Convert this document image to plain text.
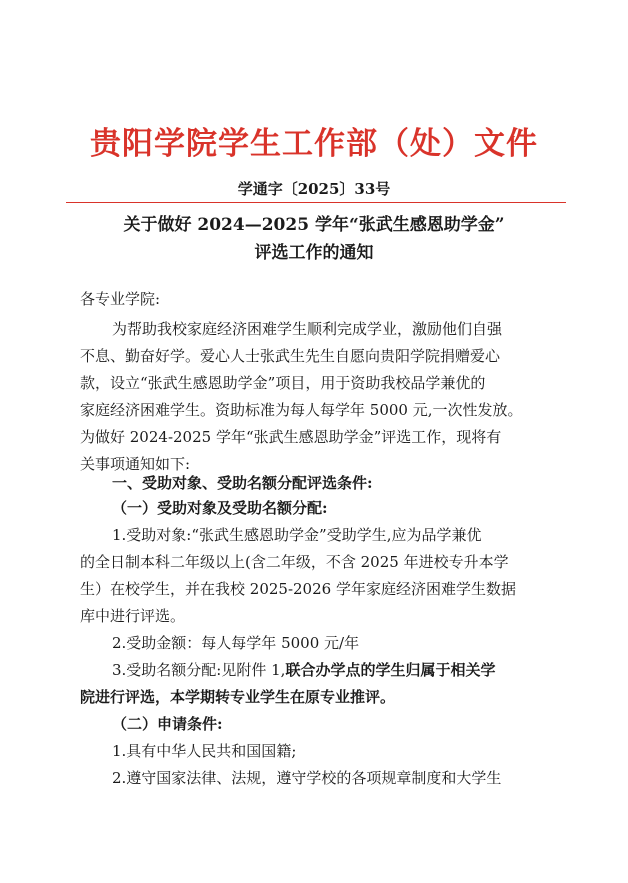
贵阳学院学生工作部（处）文件
学通字〔2025〕33号
关于做好 2024—2025 学年“张武生感恩助学金”
评选工作的通知
各专业学院:
为帮助我校家庭经济困难学生顺利完成学业，激励他们自强
不息、勤奋好学。爱心人士张武生先生自愿向贵阳学院捐赠爱心
款，设立“张武生感恩助学金”项目，用于资助我校品学兼优的
家庭经济困难学生。资助标准为每人每学年 5000 元,一次性发放。
为做好 2024-2025 学年“张武生感恩助学金”评选工作，现将有
关事项通知如下:
一、受助对象、受助名额分配评选条件:
（一）受助对象及受助名额分配:
1.受助对象:“张武生感恩助学金”受助学生,应为品学兼优
的全日制本科二年级以上(含二年级，不含 2025 年进校专升本学
生）在校学生，并在我校 2025-2026 学年家庭经济困难学生数据
库中进行评选。
2.受助金额：每人每学年 5000 元/年
3.受助名额分配:见附件 1,联合办学点的学生归属于相关学
院进行评选，本学期转专业学生在原专业推评。
（二）申请条件:
1.具有中华人民共和国国籍;
2.遵守国家法律、法规，遵守学校的各项规章制度和大学生
